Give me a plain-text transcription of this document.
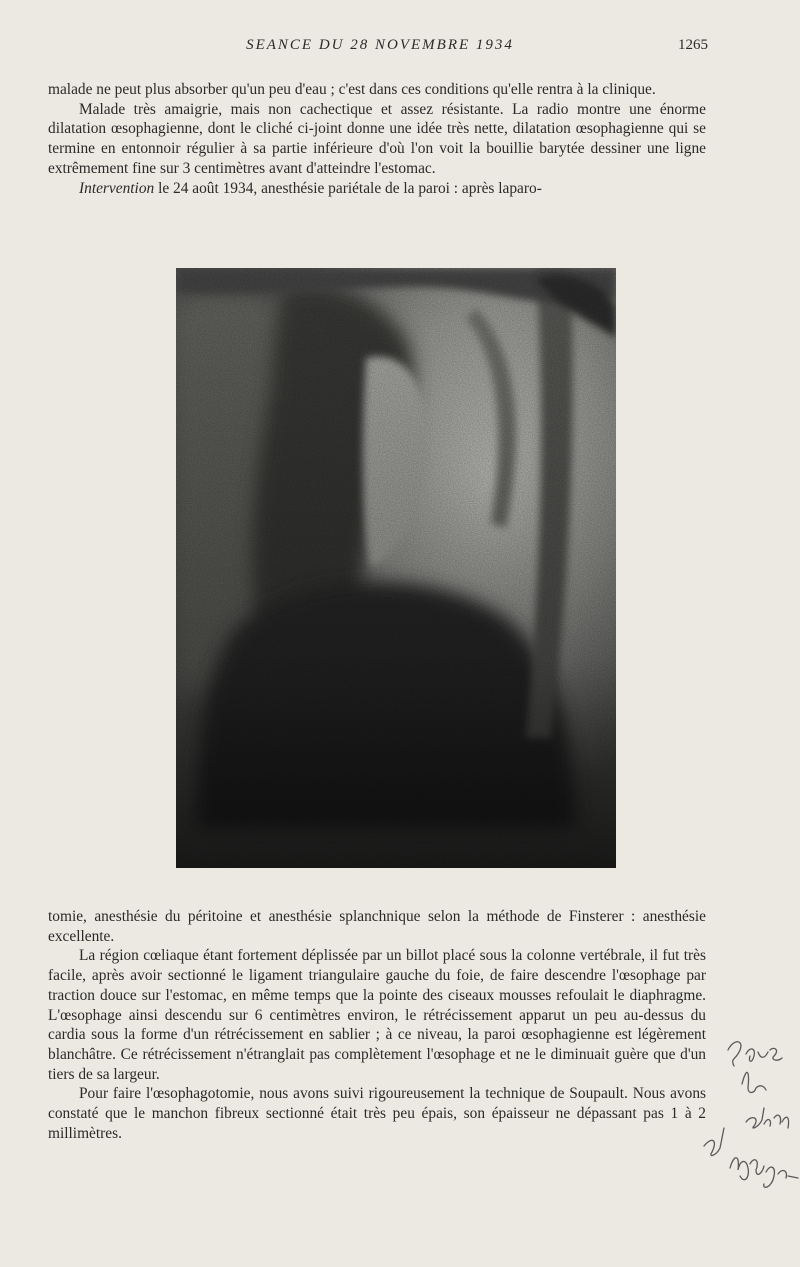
SEANCE DU 28 NOVEMBRE 1934	1265

malade ne peut plus absorber qu'un peu d'eau ; c'est dans ces conditions qu'elle rentra à la clinique.

Malade très amaigrie, mais non cachectique et assez résistante. La radio montre une énorme dilatation œsophagienne, dont le cliché ci-joint donne une idée très nette, dilatation œsophagienne qui se termine en entonnoir régulier à sa partie inférieure d'où l'on voit la bouillie barytée dessiner une ligne extrêmement fine sur 3 centimètres avant d'atteindre l'estomac.

Intervention le 24 août 1934, anesthésie pariétale de la paroi : après laparo-

tomie, anesthésie du péritoine et anesthésie splanchnique selon la méthode de Finsterer : anesthésie excellente.

La région cœliaque étant fortement déplissée par un billot placé sous la colonne vertébrale, il fut très facile, après avoir sectionné le ligament triangulaire gauche du foie, de faire descendre l'œsophage par traction douce sur l'estomac, en même temps que la pointe des ciseaux mousses refoulait le diaphragme. L'œsophage ainsi descendu sur 6 centimètres environ, le rétrécissement apparut un peu au-dessus du cardia sous la forme d'un rétrécissement en sablier ; à ce niveau, la paroi œsophagienne est légèrement blanchâtre. Ce rétrécissement n'étranglait pas complètement l'œsophage et ne le diminuait guère que d'un tiers de sa largeur.

Pour faire l'œsophagotomie, nous avons suivi rigoureusement la technique de Soupault. Nous avons constaté que le manchon fibreux sectionné était très peu épais, son épaisseur ne dépassant pas 1 à 2 millimètres.
